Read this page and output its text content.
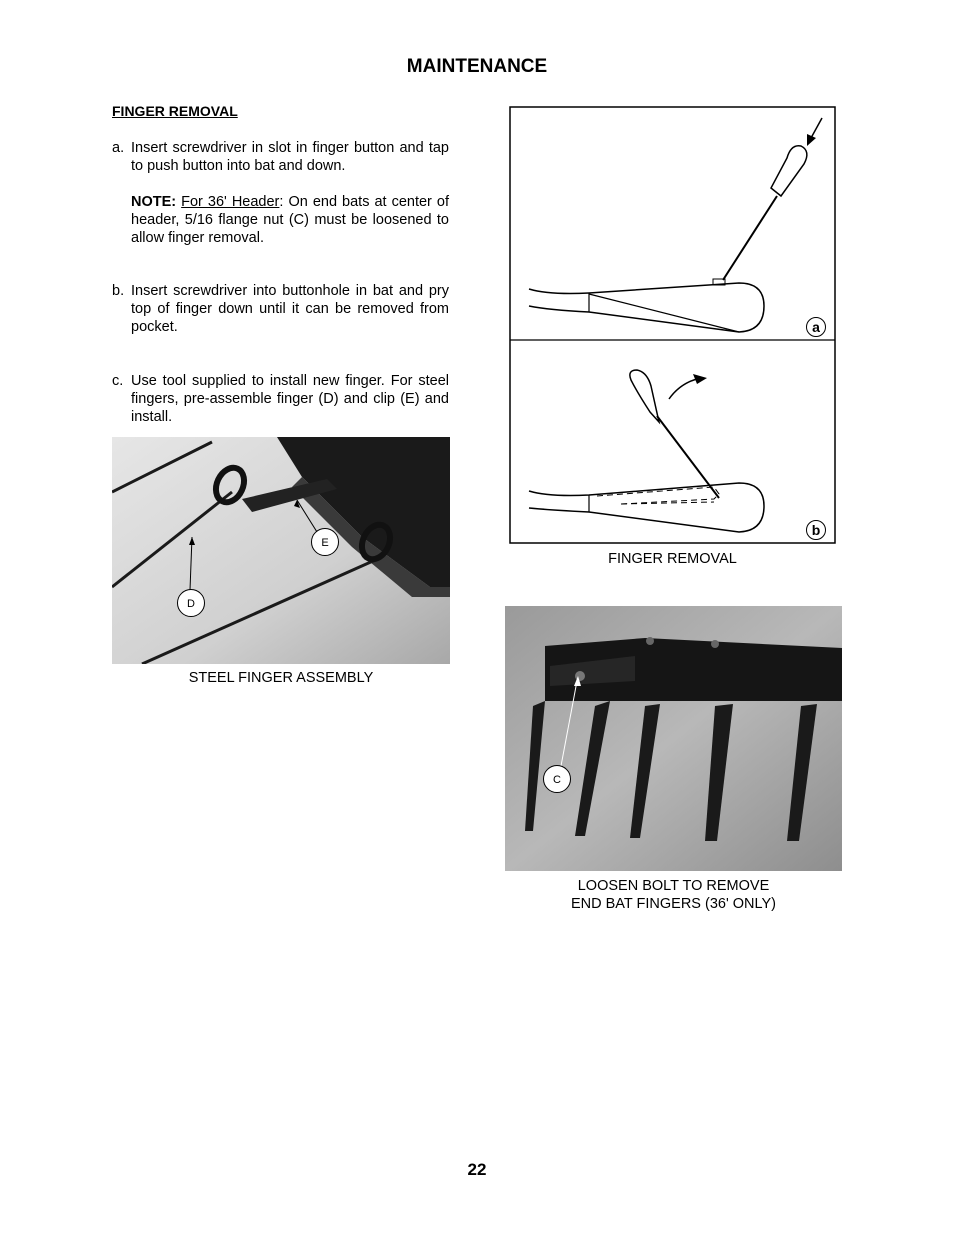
MAINTENANCE
FINGER REMOVAL
a. Insert screwdriver in slot in finger button and tap to push button into bat and down.
NOTE: For 36' Header: On end bats at center of header, 5/16 flange nut (C) must be loosened to allow finger removal.
b. Insert screwdriver into buttonhole in bat and pry top of finger down until it can be removed from pocket.
c. Use tool supplied to install new finger. For steel fingers, pre-assemble finger (D) and clip (E) and install.
E
D
STEEL FINGER ASSEMBLY
a
b
FINGER REMOVAL
C
LOOSEN BOLT TO REMOVE
END BAT FINGERS (36' ONLY)
22
